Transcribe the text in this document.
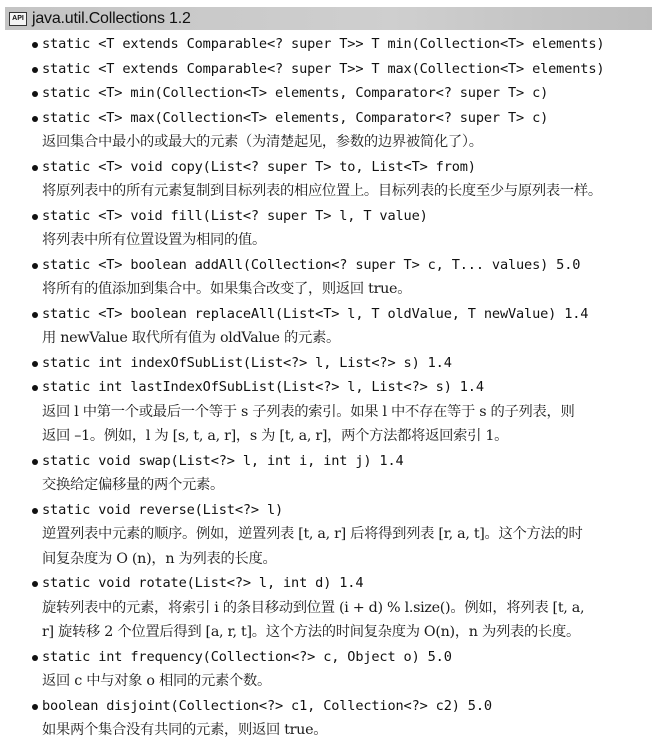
API java.util.Collections 1.2
static <T extends Comparable<? super T>> T min(Collection<T> elements)
static <T extends Comparable<? super T>> T max(Collection<T> elements)
static <T> min(Collection<T> elements, Comparator<? super T> c)
static <T> max(Collection<T> elements, Comparator<? super T> c)
返回集合中最小的或最大的元素（为清楚起见，参数的边界被简化了）。
static <T> void copy(List<? super T> to, List<T> from)
将原列表中的所有元素复制到目标列表的相应位置上。目标列表的长度至少与原列表一样。
static <T> void fill(List<? super T> l, T value)
将列表中所有位置设置为相同的值。
static <T> boolean addAll(Collection<? super T> c, T... values) 5.0
将所有的值添加到集合中。如果集合改变了，则返回 true。
static <T> boolean replaceAll(List<T> l, T oldValue, T newValue) 1.4
用 newValue 取代所有值为 oldValue 的元素。
static int indexOfSubList(List<?> l, List<?> s) 1.4
static int lastIndexOfSubList(List<?> l, List<?> s) 1.4
返回 l 中第一个或最后一个等于 s 子列表的索引。如果 l 中不存在等于 s 的子列表，则
返回 –1。例如，l 为 [s, t, a, r]，s 为 [t, a, r]，两个方法都将返回索引 1。
static void swap(List<?> l, int i, int j) 1.4
交换给定偏移量的两个元素。
static void reverse(List<?> l)
逆置列表中元素的顺序。例如，逆置列表 [t, a, r] 后将得到列表 [r, a, t]。这个方法的时
间复杂度为 O (n)，n 为列表的长度。
static void rotate(List<?> l, int d) 1.4
旋转列表中的元素，将索引 i 的条目移动到位置 (i + d) % l.size()。例如，将列表 [t, a,
r] 旋转移 2 个位置后得到 [a, r, t]。这个方法的时间复杂度为 O(n)，n 为列表的长度。
static int frequency(Collection<?> c, Object o) 5.0
返回 c 中与对象 o 相同的元素个数。
boolean disjoint(Collection<?> c1, Collection<?> c2) 5.0
如果两个集合没有共同的元素，则返回 true。
